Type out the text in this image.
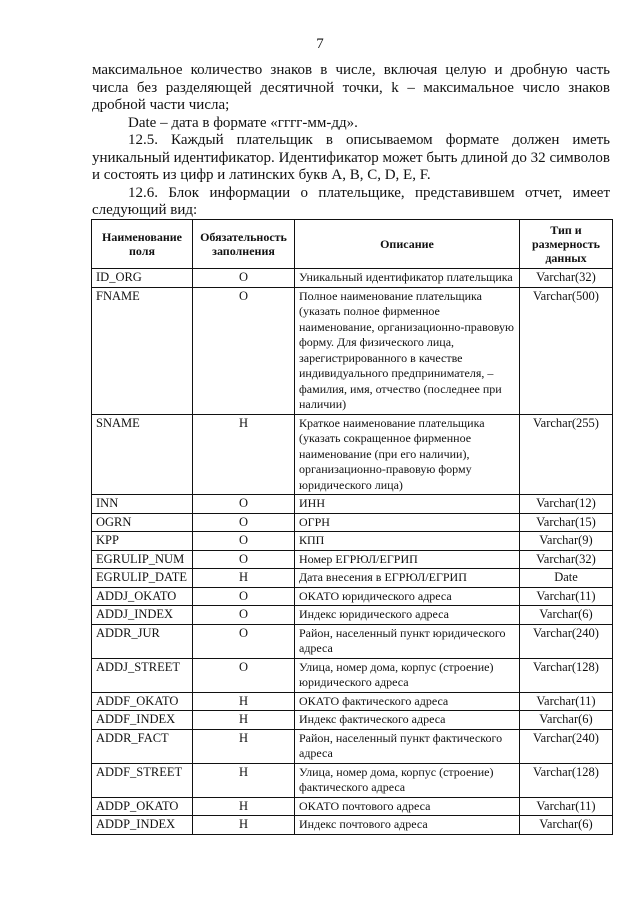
7

максимальное количество знаков в числе, включая целую и дробную часть числа без разделяющей десятичной точки, k – максимальное число знаков дробной части числа;

Date – дата в формате «гггг-мм-дд».

12.5. Каждый плательщик в описываемом формате должен иметь уникальный идентификатор. Идентификатор может быть длиной до 32 символов и состоять из цифр и латинских букв A, B, C, D, E, F.

12.6. Блок информации о плательщике, представившем отчет, имеет следующий вид:

Наименование поля	Обязательность заполнения	Описание	Тип и размерность данных
ID_ORG	О	Уникальный идентификатор плательщика	Varchar(32)
FNAME	О	Полное наименование плательщика (указать полное фирменное наименование, организационно-правовую форму. Для физического лица, зарегистрированного в качестве индивидуального предпринимателя, – фамилия, имя, отчество (последнее при наличии)	Varchar(500)
SNAME	Н	Краткое наименование плательщика (указать сокращенное фирменное наименование (при его наличии), организационно-правовую форму юридического лица)	Varchar(255)
INN	О	ИНН	Varchar(12)
OGRN	О	ОГРН	Varchar(15)
KPP	О	КПП	Varchar(9)
EGRULIP_NUM	О	Номер ЕГРЮЛ/ЕГРИП	Varchar(32)
EGRULIP_DATE	Н	Дата внесения в ЕГРЮЛ/ЕГРИП	Date
ADDJ_OKATO	О	ОКАТО юридического адреса	Varchar(11)
ADDJ_INDEX	О	Индекс юридического адреса	Varchar(6)
ADDR_JUR	О	Район, населенный пункт юридического адреса	Varchar(240)
ADDJ_STREET	О	Улица, номер дома, корпус (строение) юридического адреса	Varchar(128)
ADDF_OKATO	Н	ОКАТО фактического адреса	Varchar(11)
ADDF_INDEX	Н	Индекс фактического адреса	Varchar(6)
ADDR_FACT	Н	Район, населенный пункт фактического адреса	Varchar(240)
ADDF_STREET	Н	Улица, номер дома, корпус (строение) фактического адреса	Varchar(128)
ADDP_OKATO	Н	ОКАТО почтового адреса	Varchar(11)
ADDP_INDEX	Н	Индекс почтового адреса	Varchar(6)
